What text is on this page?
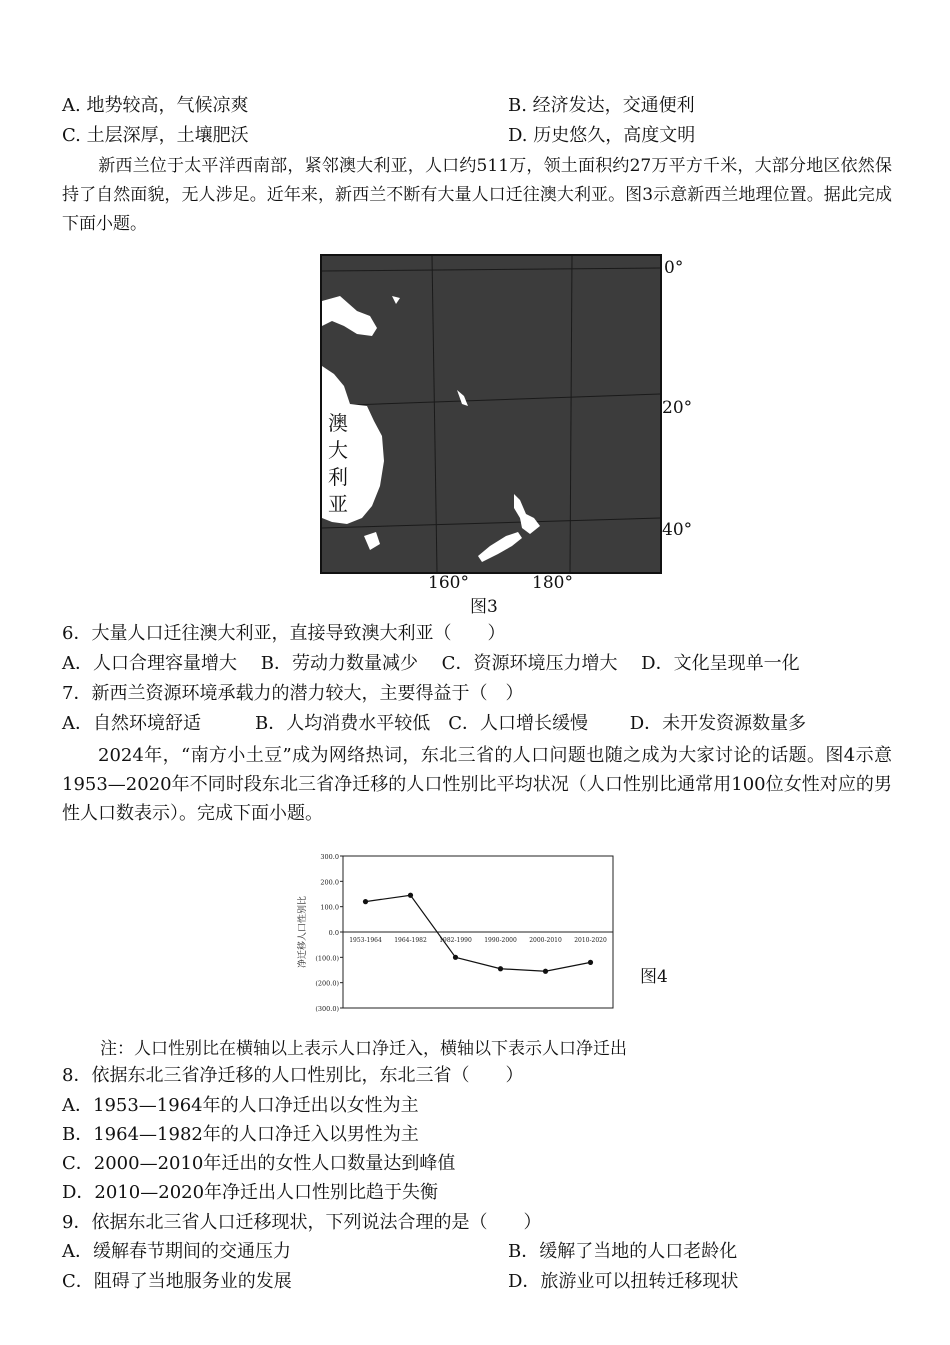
A. 地势较高，气候凉爽	B. 经济发达，交通便利
C. 土层深厚，土壤肥沃	D. 历史悠久，高度文明
新西兰位于太平洋西南部，紧邻澳大利亚，人口约511万，领土面积约27万平方千米，大部分地区依然保持了自然面貌，无人涉足。近年来，新西兰不断有大量人口迁往澳大利亚。图3示意新西兰地理位置。据此完成下面小题。
澳
大
利
亚
0°
20°
40°
160°	180°
图3
6．大量人口迁往澳大利亚，直接导致澳大利亚（　　）
A．人口合理容量增大　 B．劳动力数量减少　 C．资源环境压力增大　 D．文化呈现单一化
7．新西兰资源环境承载力的潜力较大，主要得益于（　）
A．自然环境舒适　　　B．人均消费水平较低　C．人口增长缓慢　　 D．未开发资源数量多
2024年，“南方小土豆”成为网络热词，东北三省的人口问题也随之成为大家讨论的话题。图4示意1953—2020年不同时段东北三省净迁移的人口性别比平均状况（人口性别比通常用100位女性对应的男性人口数表示）。完成下面小题。
300.0
200.0
100.0
0.0
(100.0)
(200.0)
(300.0)
1953-1964 1964-1982 1982-1990 1990-2000 2000-2010 2010-2020
净迁移人口性别比
图4
注：人口性别比在横轴以上表示人口净迁入，横轴以下表示人口净迁出
8．依据东北三省净迁移的人口性别比，东北三省（　　）
A．1953—1964年的人口净迁出以女性为主
B．1964—1982年的人口净迁入以男性为主
C．2000—2010年迁出的女性人口数量达到峰值
D．2010—2020年净迁出人口性别比趋于失衡
9．依据东北三省人口迁移现状，下列说法合理的是（　　）
A．缓解春节期间的交通压力	B．缓解了当地的人口老龄化
C．阻碍了当地服务业的发展	D．旅游业可以扭转迁移现状
